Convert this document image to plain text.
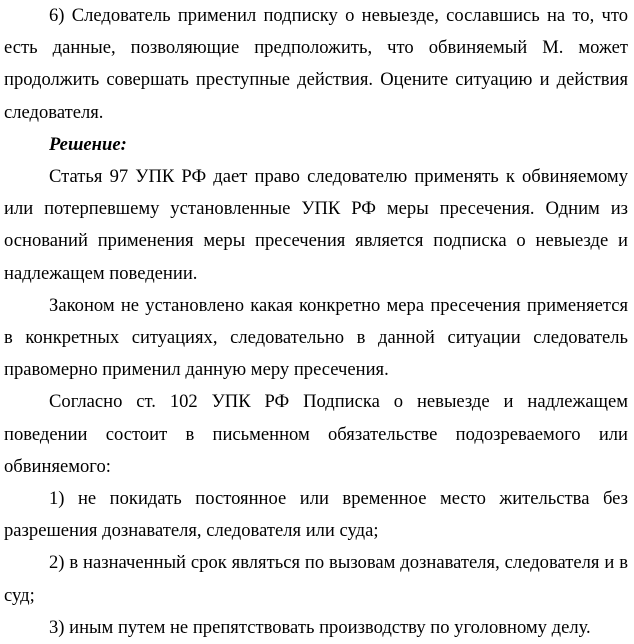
6) Следователь применил подписку о невыезде, сославшись на то, что есть данные, позволяющие предположить, что обвиняемый М. может продолжить совершать преступные действия. Оцените ситуацию и действия следователя.

Решение:

Статья 97 УПК РФ дает право следователю применять к обвиняемому или потерпевшему установленные УПК РФ меры пресечения. Одним из оснований применения меры пресечения является подписка о невыезде и надлежащем поведении.

Законом не установлено какая конкретно мера пресечения применяется в конкретных ситуациях, следовательно в данной ситуации следователь правомерно применил данную меру пресечения.

Согласно ст. 102 УПК РФ Подписка о невыезде и надлежащем поведении состоит в письменном обязательстве подозреваемого или обвиняемого:

1) не покидать постоянное или временное место жительства без разрешения дознавателя, следователя или суда;

2) в назначенный срок являться по вызовам дознавателя, следователя и в суд;

3) иным путем не препятствовать производству по уголовному делу.
